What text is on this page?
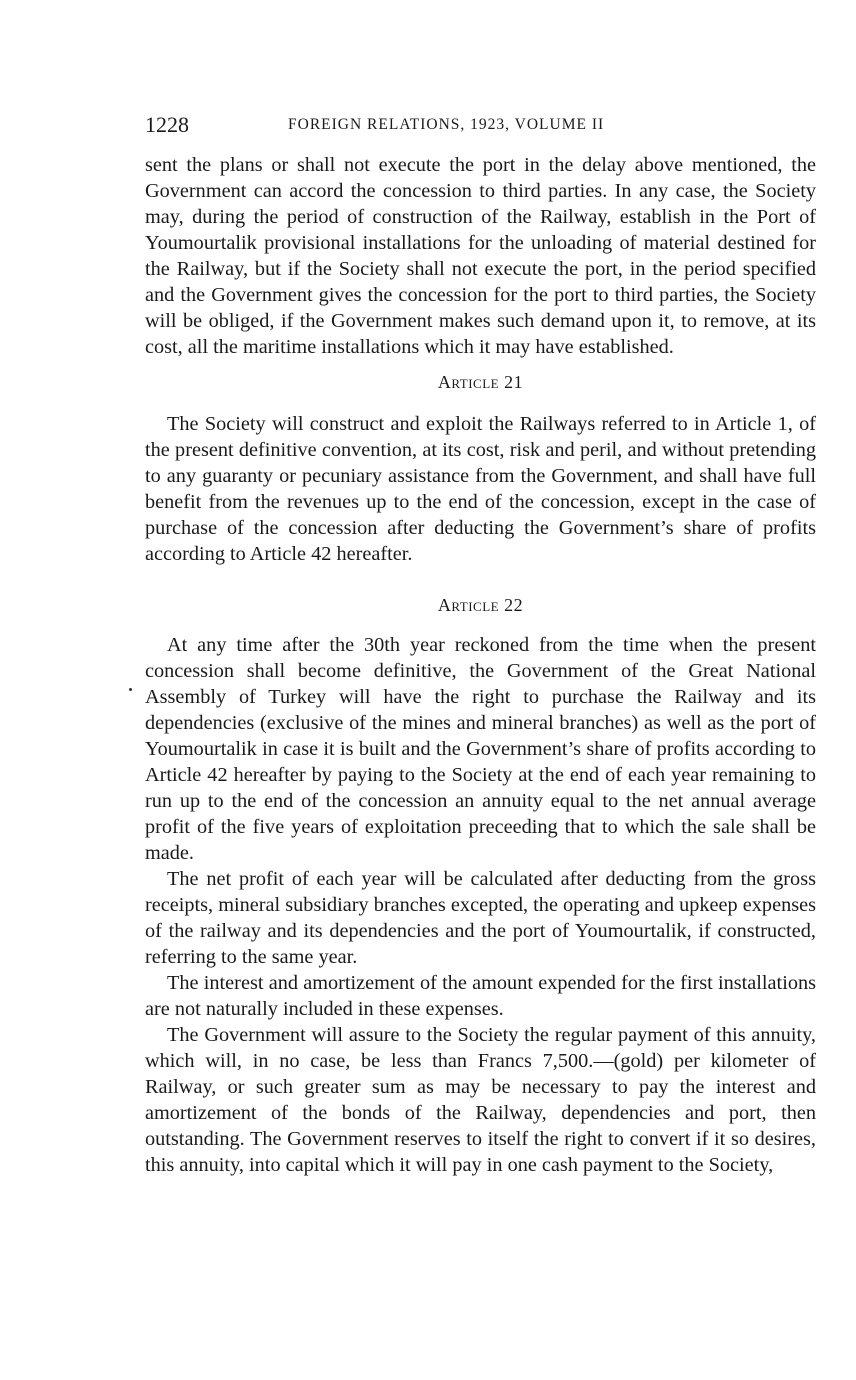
1228	FOREIGN RELATIONS, 1923, VOLUME II

sent the plans or shall not execute the port in the delay above mentioned, the Government can accord the concession to third parties. In any case, the Society may, during the period of construction of the Railway, establish in the Port of Youmourtalik provisional installations for the unloading of material destined for the Railway, but if the Society shall not execute the port, in the period specified and the Government gives the concession for the port to third parties, the Society will be obliged, if the Government makes such demand upon it, to remove, at its cost, all the maritime installations which it may have established.

Article 21

The Society will construct and exploit the Railways referred to in Article 1, of the present definitive convention, at its cost, risk and peril, and without pretending to any guaranty or pecuniary assistance from the Government, and shall have full benefit from the revenues up to the end of the concession, except in the case of purchase of the concession after deducting the Government’s share of profits according to Article 42 hereafter.

Article 22

At any time after the 30th year reckoned from the time when the present concession shall become definitive, the Government of the Great National Assembly of Turkey will have the right to purchase the Railway and its dependencies (exclusive of the mines and mineral branches) as well as the port of Youmourtalik in case it is built and the Government’s share of profits according to Article 42 hereafter by paying to the Society at the end of each year remaining to run up to the end of the concession an annuity equal to the net annual average profit of the five years of exploitation preceeding that to which the sale shall be made.

The net profit of each year will be calculated after deducting from the gross receipts, mineral subsidiary branches excepted, the operating and upkeep expenses of the railway and its dependencies and the port of Youmourtalik, if constructed, referring to the same year.

The interest and amortizement of the amount expended for the first installations are not naturally included in these expenses.

The Government will assure to the Society the regular payment of this annuity, which will, in no case, be less than Francs 7,500.—(gold) per kilometer of Railway, or such greater sum as may be necessary to pay the interest and amortizement of the bonds of the Railway, dependencies and port, then outstanding. The Government reserves to itself the right to convert if it so desires, this annuity, into capital which it will pay in one cash payment to the Society,
